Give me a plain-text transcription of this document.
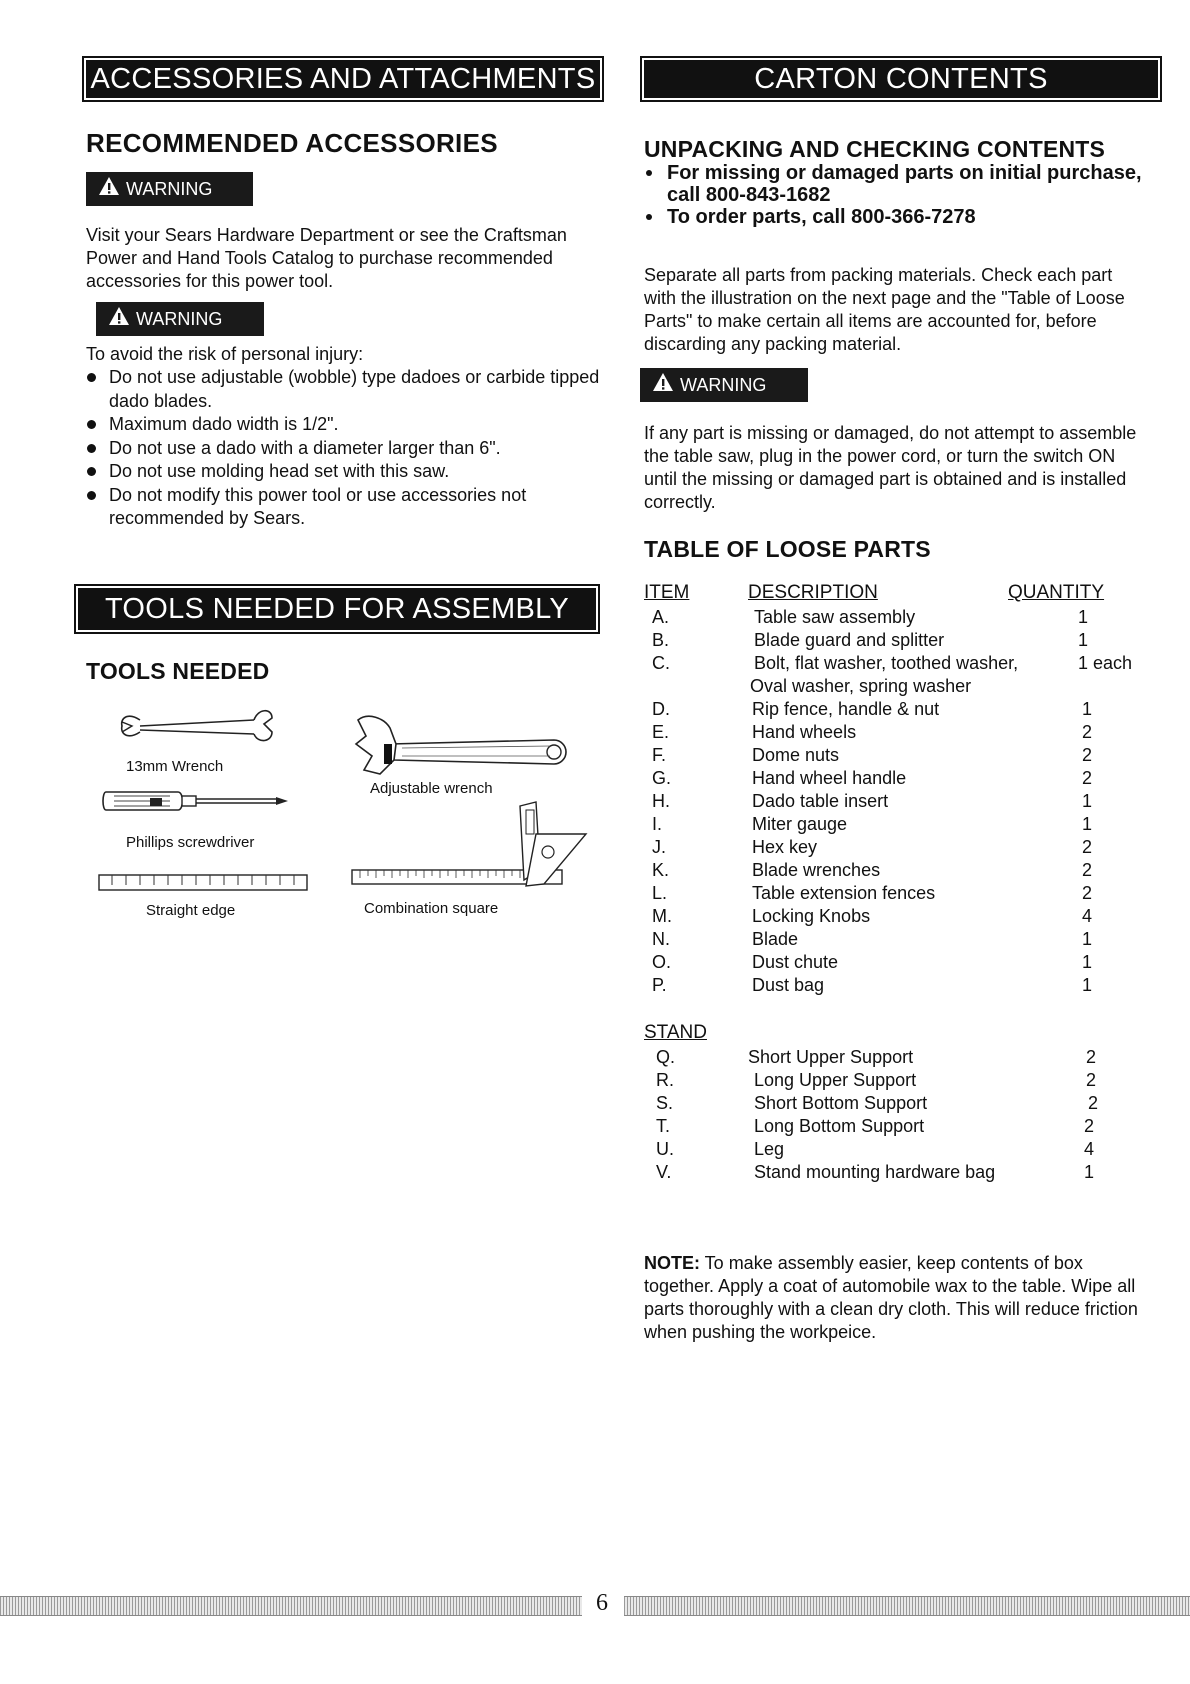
ACCESSORIES AND ATTACHMENTS
RECOMMENDED ACCESSORIES
WARNING
Visit your Sears Hardware Department or see the Craftsman Power and Hand Tools Catalog to purchase recommended accessories for this power tool.
WARNING
To avoid the risk of personal injury:
Do not use adjustable (wobble) type dadoes or carbide tipped dado blades.
Maximum dado width is 1/2".
Do not use a dado with a diameter larger than 6".
Do not use molding head set with this saw.
Do not modify this power tool or use accessories not recommended by Sears.
TOOLS NEEDED FOR ASSEMBLY
TOOLS NEEDED
13mm Wrench
Adjustable wrench
Phillips screwdriver
Straight edge	Combination square
CARTON CONTENTS
UNPACKING AND CHECKING CONTENTS
For missing or damaged parts on initial purchase, call 800-843-1682
To order parts, call 800-366-7278
Separate all parts from packing materials. Check each part with the illustration on the next page and the "Table of Loose Parts" to make certain all items are accounted for, before discarding any packing material.
WARNING
If any part is missing or damaged, do not attempt to assemble the table saw, plug in the power cord, or turn the switch ON until the missing or damaged part is obtained and is installed correctly.
TABLE OF LOOSE PARTS
ITEM	DESCRIPTION	QUANTITY
A.	Table saw assembly	1
B.	Blade guard and splitter	1
C.	Bolt, flat washer, toothed washer,	1 each
Oval washer, spring washer
D.	Rip fence, handle & nut	1
E.	Hand wheels	2
F.	Dome nuts	2
G.	Hand wheel handle	2
H.	Dado table insert	1
I.	Miter gauge	1
J.	Hex key	2
K.	Blade wrenches	2
L.	Table extension fences	2
M.	Locking Knobs	4
N.	Blade	1
O.	Dust chute	1
P.	Dust bag	1
STAND
Q.	Short Upper Support	2
R.	Long Upper Support	2
S.	Short Bottom Support	2
T.	Long Bottom Support	2
U.	Leg	4
V.	Stand mounting hardware bag	1
NOTE: To make assembly easier, keep contents of box together. Apply a coat of automobile wax to the table. Wipe all parts thoroughly with a clean dry cloth. This will reduce friction when pushing the workpeice.
6
